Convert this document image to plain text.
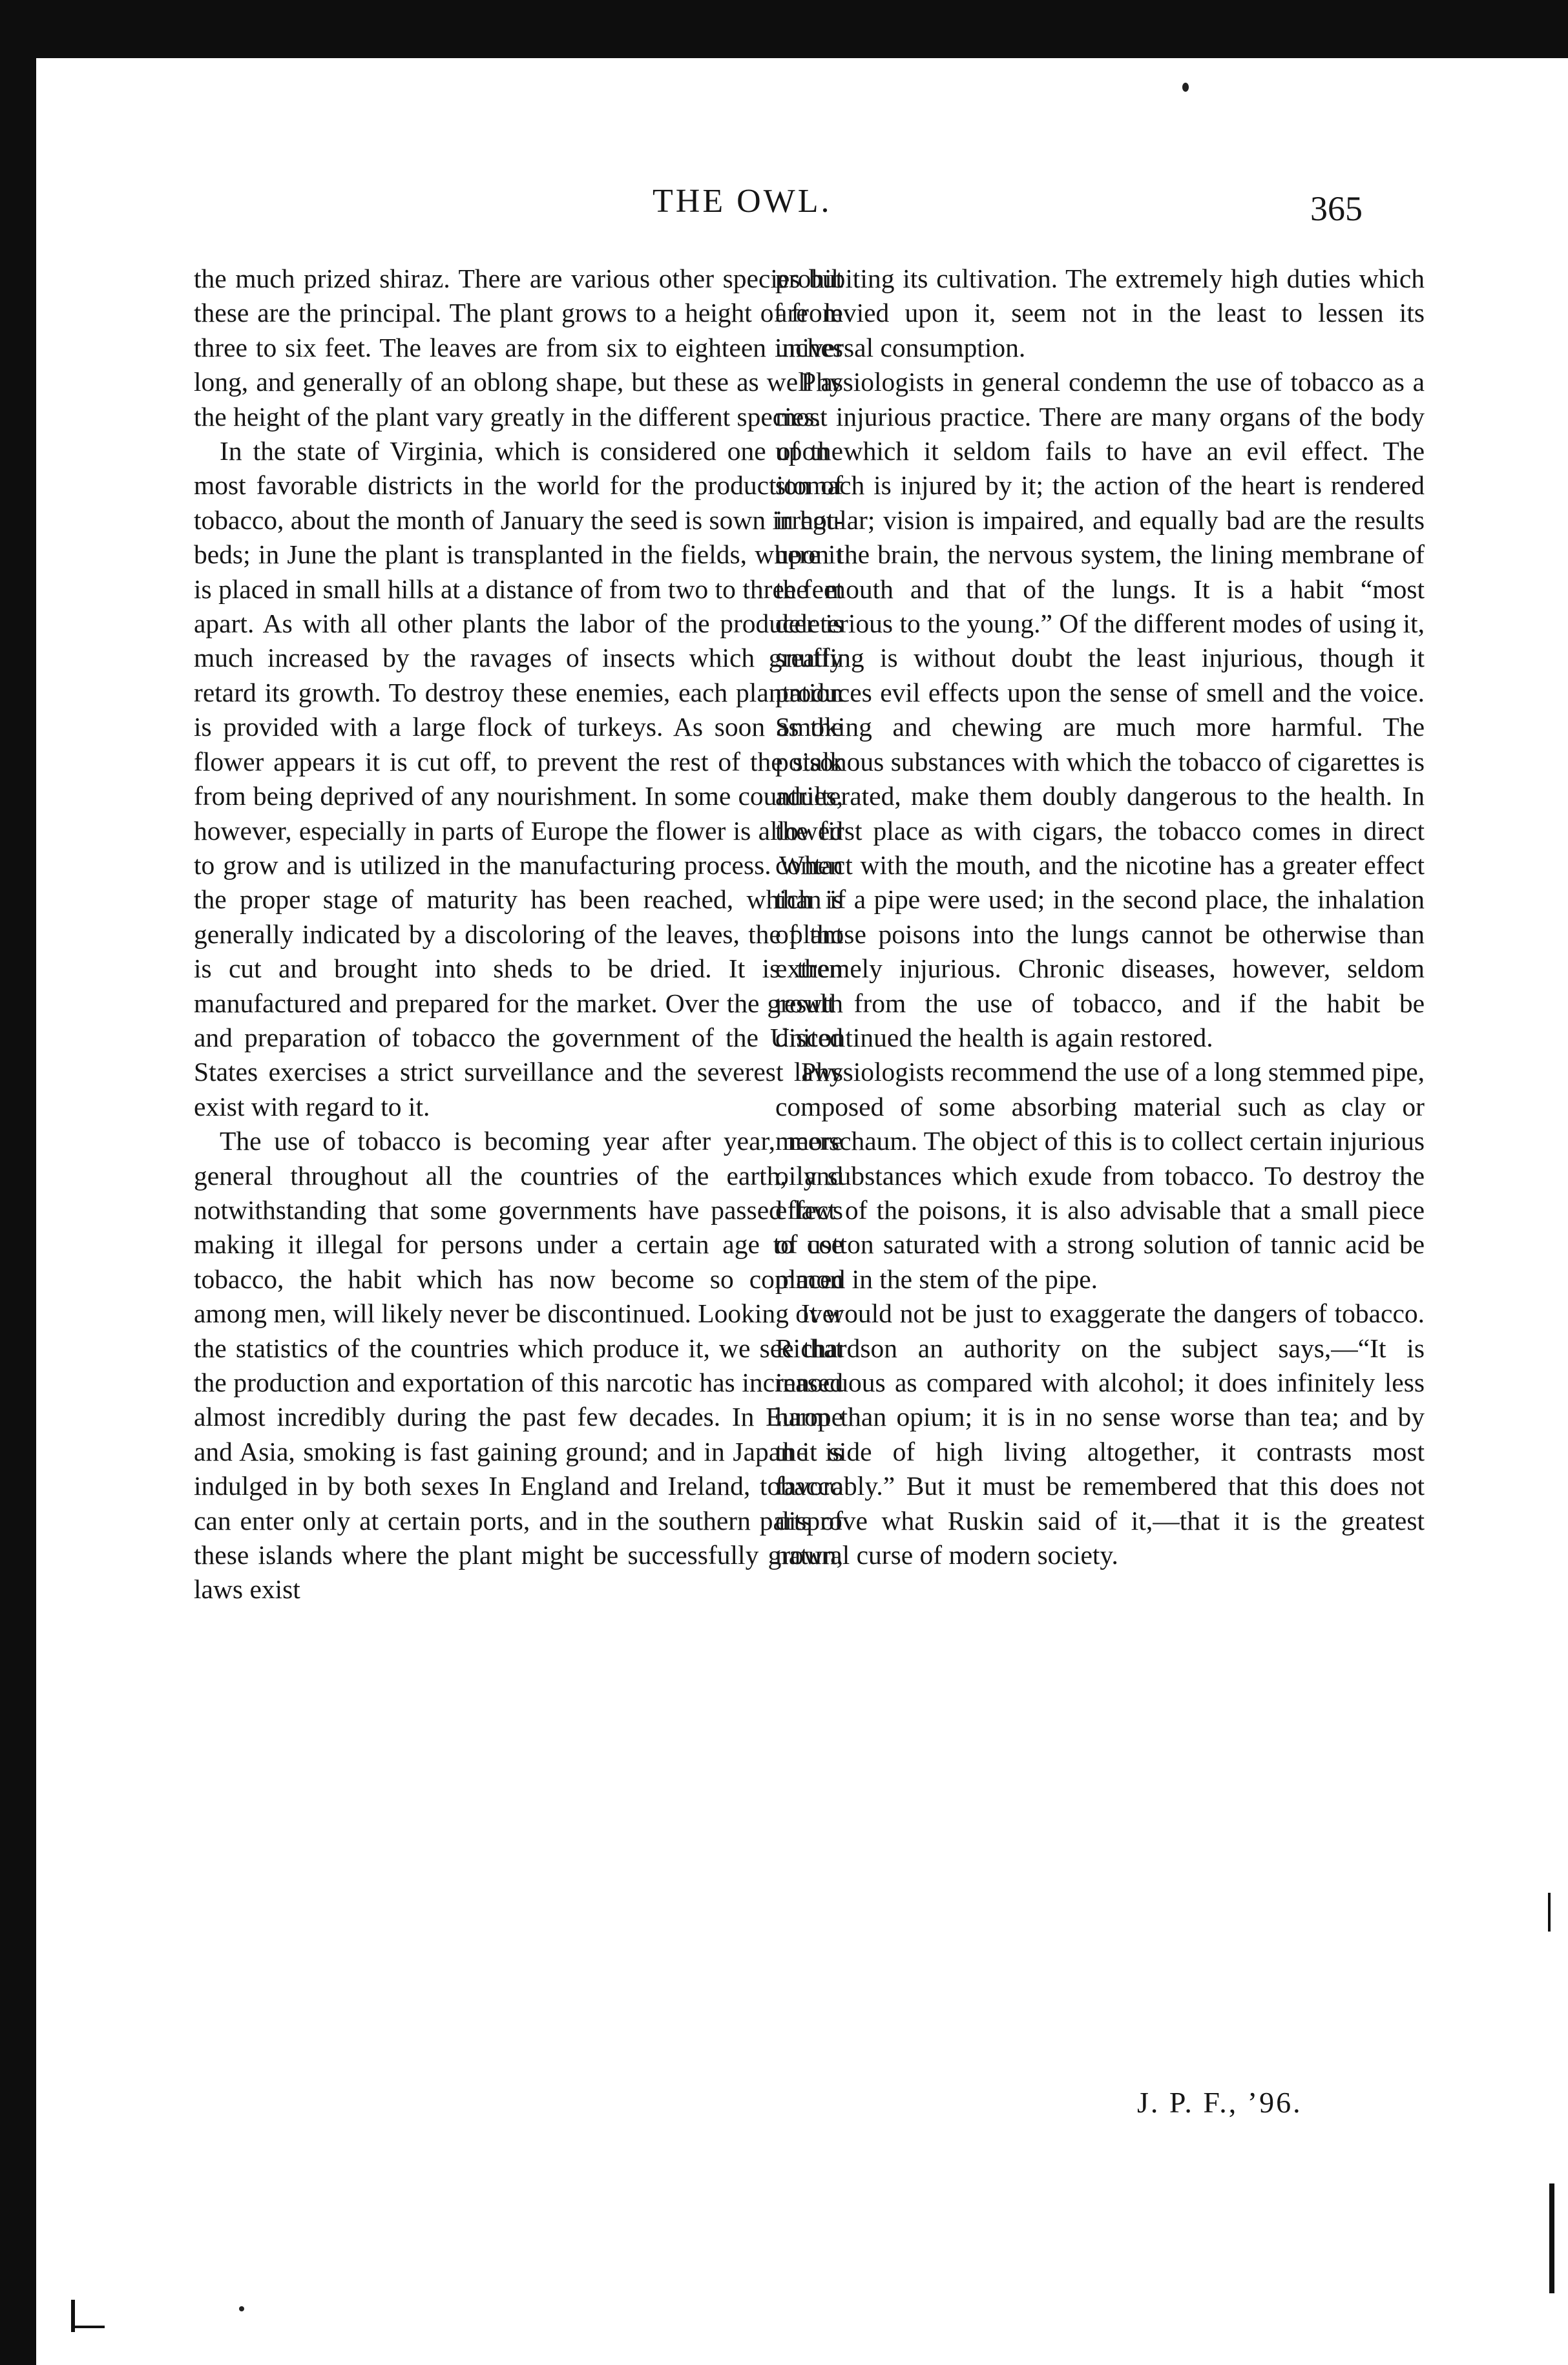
THE OWL.	365

the much prized shiraz. There are various other species but these are the principal. The plant grows to a height of from three to six feet. The leaves are from six to eighteen inches long, and generally of an oblong shape, but these as well as the height of the plant vary greatly in the different species.

In the state of Virginia, which is considered one of the most favorable districts in the world for the production of tobacco, about the month of January the seed is sown in hot-beds; in June the plant is transplanted in the fields, where it is placed in small hills at a distance of from two to three feet apart. As with all other plants the labor of the producer is much increased by the ravages of insects which greatly retard its growth. To destroy these enemies, each plantation is provided with a large flock of turkeys. As soon as the flower appears it is cut off, to prevent the rest of the stalk from being deprived of any nourishment. In some countries, however, especially in parts of Europe the flower is allowed to grow and is utilized in the manufacturing process. When the proper stage of maturity has been reached, which is generally indicated by a discoloring of the leaves, the plant is cut and brought into sheds to be dried. It is then manufactured and prepared for the market. Over the growth and preparation of tobacco the government of the United States exercises a strict surveillance and the severest laws exist with regard to it.

The use of tobacco is becoming year after year, more general throughout all the countries of the earth, and notwithstanding that some governments have passed laws making it illegal for persons under a certain age to use tobacco, the habit which has now become so common among men, will likely never be discontinued. Looking over the statistics of the countries which produce it, we see that the production and exportation of this narcotic has increased almost incredibly during the past few decades. In Europe and Asia, smoking is fast gaining ground; and in Japan it is indulged in by both sexes In England and Ireland, tobacco can enter only at certain ports, and in the southern parts of these islands where the plant might be successfully grown, laws exist

prohibiting its cultivation. The extremely high duties which are levied upon it, seem not in the least to lessen its universal consumption.

Physiologists in general condemn the use of tobacco as a most injurious practice. There are many organs of the body upon which it seldom fails to have an evil effect. The stomach is injured by it; the action of the heart is rendered irregular; vision is impaired, and equally bad are the results upon the brain, the nervous system, the lining membrane of the mouth and that of the lungs. It is a habit “most deleterious to the young.” Of the different modes of using it, snuffing is without doubt the least injurious, though it produces evil effects upon the sense of smell and the voice. Smoking and chewing are much more harmful. The poisonous substances with which the tobacco of cigarettes is adulterated, make them doubly dangerous to the health. In the first place as with cigars, the tobacco comes in direct contact with the mouth, and the nicotine has a greater effect than if a pipe were used; in the second place, the inhalation of those poisons into the lungs cannot be otherwise than extremely injurious. Chronic diseases, however, seldom result from the use of tobacco, and if the habit be discontinued the health is again restored.

Physiologists recommend the use of a long stemmed pipe, composed of some absorbing material such as clay or meerschaum. The object of this is to collect certain injurious oily substances which exude from tobacco. To destroy the effect of the poisons, it is also advisable that a small piece of cotton saturated with a strong solution of tannic acid be placed in the stem of the pipe.

It would not be just to exaggerate the dangers of tobacco. Richardson an authority on the subject says,—“It is innocuous as compared with alcohol; it does infinitely less harm than opium; it is in no sense worse than tea; and by the side of high living altogether, it contrasts most favorably.” But it must be remembered that this does not disprove what Ruskin said of it,—that it is the greatest natural curse of modern society.

J. P. F., ’96.
